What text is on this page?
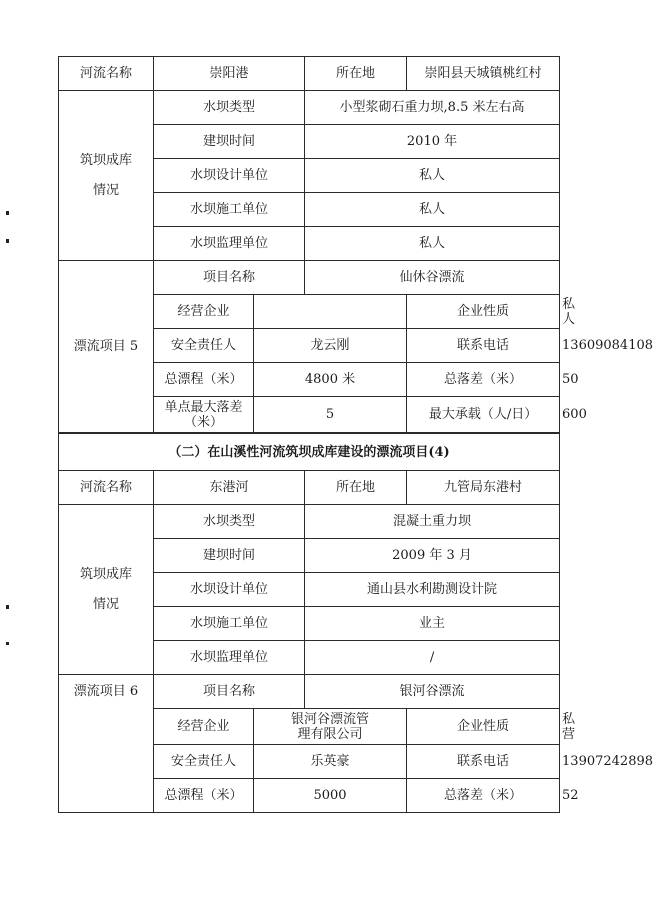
河流名称	崇阳港		所在地	崇阳县天城镇桃红村	
筑坝成库情况	水坝类型		小型浆砌石重力坝,8.5 米左右高		
	建坝时间		2010 年		
	水坝设计单位		私人		
	水坝施工单位		私人		
	水坝监理单位		私人		
漂流项目 5	项目名称		仙休谷漂流		
	经营企业			企业性质	私人
	安全责任人	龙云刚		联系电话	13609084108
	总漂程（米）	4800 米		总落差（米）	50
	单点最大落差（米）	5		最大承载（人/日）	600
（二）在山溪性河流筑坝成库建设的漂流项目(4)					
河流名称	东港河		所在地	九管局东港村	
筑坝成库情况	水坝类型		混凝土重力坝		
	建坝时间		2009 年 3 月		
	水坝设计单位		通山县水利勘测设计院		
	水坝施工单位		业主		
	水坝监理单位		/		
漂流项目 6	项目名称		银河谷漂流		
	经营企业	银河谷漂流管理有限公司		企业性质	私营
	安全责任人	乐英豪		联系电话	13907242898
	总漂程（米）	5000		总落差（米）	52
